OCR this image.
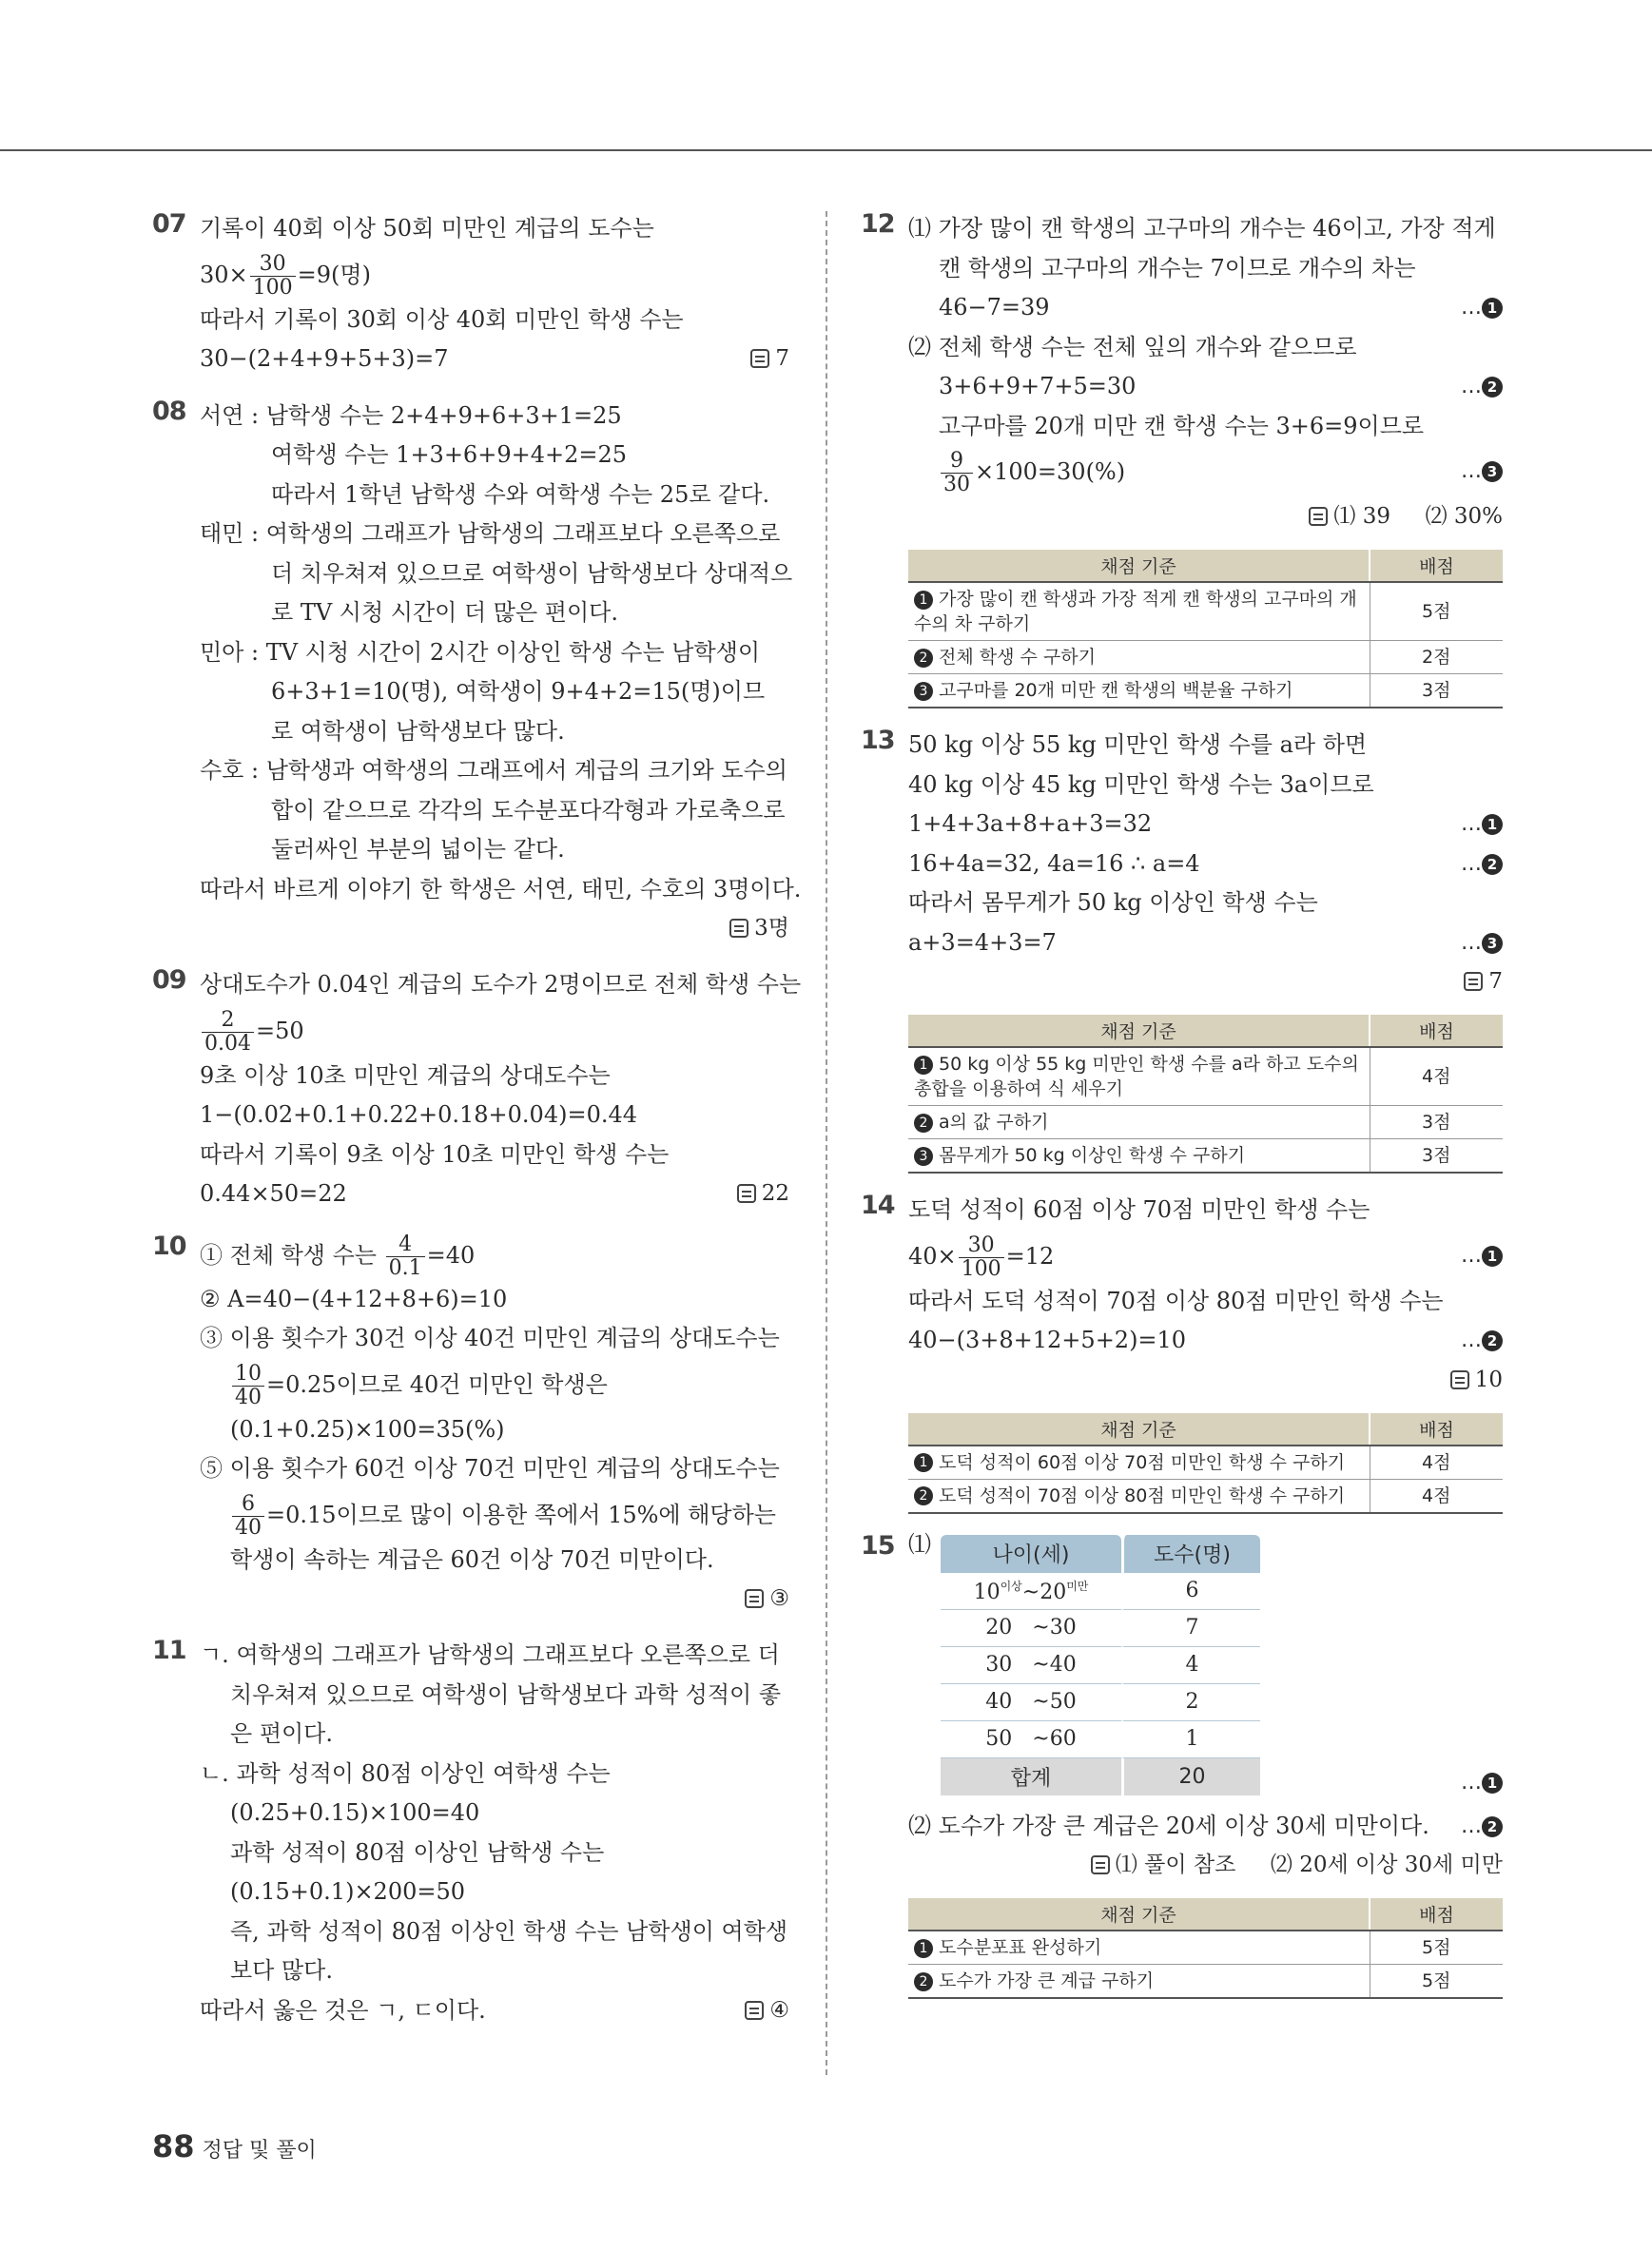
07 기록이 40회 이상 50회 미만인 계급의 도수는
$30\times \frac{30}{100} =9$(명)
따라서 기록이 30회 이상 40회 미만인 학생 수는
30−(2+4+9+5+3)=7	7
08 서연 : 남학생 수는 2+4+9+6+3+1=25
여학생 수는 1+3+6+9+4+2=25
따라서 1학년 남학생 수와 여학생 수는 25로 같다.
태민 : 여학생의 그래프가 남학생의 그래프보다 오른쪽으로
더 치우쳐져 있으므로 여학생이 남학생보다 상대적으
로 TV 시청 시간이 더 많은 편이다.
민아 : TV 시청 시간이 2시간 이상인 학생 수는 남학생이
6+3+1=10(명), 여학생이 9+4+2=15(명)이므
로 여학생이 남학생보다 많다.
수호 : 남학생과 여학생의 그래프에서 계급의 크기와 도수의
합이 같으므로 각각의 도수분포다각형과 가로축으로
둘러싸인 부분의 넓이는 같다.
따라서 바르게 이야기 한 학생은 서연, 태민, 수호의 3명이다.
3명
09 상대도수가 0.04인 계급의 도수가 2명이므로 전체 학생 수는
$\frac{2}{0.04} =50$
9초 이상 10초 미만인 계급의 상대도수는
1−(0.02+0.1+0.22+0.18+0.04)=0.44
따라서 기록이 9초 이상 10초 미만인 학생 수는
0.44×50=22	22
10 ① 전체 학생 수는 $\frac{4}{0.1} =40$
② A=40−(4+12+8+6)=10
③ 이용 횟수가 30건 이상 40건 미만인 계급의 상대도수는
$\frac{10}{40} =0.25$이므로 40건 미만인 학생은
(0.1+0.25)×100=35(%)
⑤ 이용 횟수가 60건 이상 70건 미만인 계급의 상대도수는
$\frac{6}{40} =0.15$이므로 많이 이용한 쪽에서 15%에 해당하는
학생이 속하는 계급은 60건 이상 70건 미만이다.
③
11 ㄱ. 여학생의 그래프가 남학생의 그래프보다 오른쪽으로 더
치우쳐져 있으므로 여학생이 남학생보다 과학 성적이 좋
은 편이다.
ㄴ. 과학 성적이 80점 이상인 여학생 수는
(0.25+0.15)×100=40
과학 성적이 80점 이상인 남학생 수는
(0.15+0.1)×200=50
즉, 과학 성적이 80점 이상인 학생 수는 남학생이 여학생
보다 많다.
따라서 옳은 것은 ㄱ, ㄷ이다.	④
12 ⑴ 가장 많이 캔 학생의 고구마의 개수는 46이고, 가장 적게
캔 학생의 고구마의 개수는 7이므로 개수의 차는
46−7=39	… 1
⑵ 전체 학생 수는 전체 잎의 개수와 같으므로
3+6+9+7+5=30	… 2
고구마를 20개 미만 캔 학생 수는 3+6=9이므로
$\frac{9}{30} \times 100=30(\%)$	… 3
⑴ 39 ⑵ 30%
채점 기준	배점
1 가장 많이 캔 학생과 가장 적게 캔 학생의 고구마의 개수의 차 구하기	5점
2 전체 학생 수 구하기	2점
3 고구마를 20개 미만 캔 학생의 백분율 구하기	3점
13 50 kg 이상 55 kg 미만인 학생 수를 a라 하면
40 kg 이상 45 kg 미만인 학생 수는 3a이므로
1+4+3a+8+a+3=32	… 1
16+4a=32, 4a=16 ∴ a=4	… 2
따라서 몸무게가 50 kg 이상인 학생 수는
a+3=4+3=7	… 3
7
채점 기준	배점
1 50 kg 이상 55 kg 미만인 학생 수를 a라 하고 도수의 총합을 이용하여 식 세우기	4점
2 a의 값 구하기	3점
3 몸무게가 50 kg 이상인 학생 수 구하기	3점
14 도덕 성적이 60점 이상 70점 미만인 학생 수는
$40\times \frac{30}{100} =12$	… 1
따라서 도덕 성적이 70점 이상 80점 미만인 학생 수는
40−(3+8+12+5+2)=10	… 2
10
채점 기준	배점
1 도덕 성적이 60점 이상 70점 미만인 학생 수 구하기	4점
2 도덕 성적이 70점 이상 80점 미만인 학생 수 구하기	4점
15 ⑴	나이(세)	도수(명)
$10^{이상}\sim 20^{미만}$	6
20   ~30	7
30   ~40	4
40   ~50	2
50   ~60	1
합계	20	… 1
⑵ 도수가 가장 큰 계급은 20세 이상 30세 미만이다. … 2
⑴ 풀이 참조 ⑵ 20세 이상 30세 미만
채점 기준	배점
1 도수분포표 완성하기	5점
2 도수가 가장 큰 계급 구하기	5점
88 정답 및 풀이
